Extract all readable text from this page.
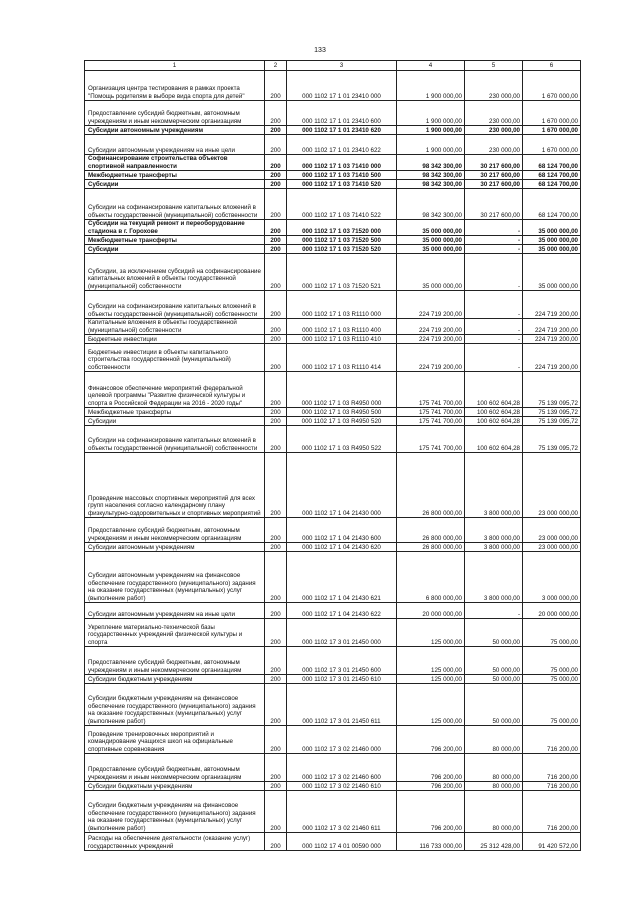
133
1	2	3	4	5	6
Организация центра тестирования в рамках проекта "Помощь родителям в выборе вида спорта для детей"	200	000 1102 17 1 01 23410 000	1 900 000,00	230 000,00	1 670 000,00
Предоставление субсидий бюджетным, автономным учреждениям и иным некоммерческим организациям	200	000 1102 17 1 01 23410 600	1 900 000,00	230 000,00	1 670 000,00
Субсидии автономным учреждениям	200	000 1102 17 1 01 23410 620	1 900 000,00	230 000,00	1 670 000,00
Субсидии автономным учреждениям на иные цели	200	000 1102 17 1 01 23410 622	1 900 000,00	230 000,00	1 670 000,00
Софинансирование строительства объектов спортивной направленности	200	000 1102 17 1 03 71410 000	98 342 300,00	30 217 600,00	68 124 700,00
Межбюджетные трансферты	200	000 1102 17 1 03 71410 500	98 342 300,00	30 217 600,00	68 124 700,00
Субсидии	200	000 1102 17 1 03 71410 520	98 342 300,00	30 217 600,00	68 124 700,00
Субсидии на софинансирование капитальных вложений в объекты государственной (муниципальной) собственности	200	000 1102 17 1 03 71410 522	98 342 300,00	30 217 600,00	68 124 700,00
Субсидии на текущий ремонт и переоборудование стадиона в г. Горохове	200	000 1102 17 1 03 71520 000	35 000 000,00	-	35 000 000,00
Межбюджетные трансферты	200	000 1102 17 1 03 71520 500	35 000 000,00	-	35 000 000,00
Субсидии	200	000 1102 17 1 03 71520 520	35 000 000,00	-	35 000 000,00
Субсидии, за исключением субсидий на софинансирование капитальных вложений в объекты государственной (муниципальной) собственности	200	000 1102 17 1 03 71520 521	35 000 000,00	-	35 000 000,00
Субсидии на софинансирование капитальных вложений в объекты государственной (муниципальной) собственности	200	000 1102 17 1 03 R1110 000	224 719 200,00	-	224 719 200,00
Капитальные вложения в объекты государственной (муниципальной) собственности	200	000 1102 17 1 03 R1110 400	224 719 200,00	-	224 719 200,00
Бюджетные инвестиции	200	000 1102 17 1 03 R1110 410	224 719 200,00	-	224 719 200,00
Бюджетные инвестиции в объекты капитального строительства государственной (муниципальной) собственности	200	000 1102 17 1 03 R1110 414	224 719 200,00	-	224 719 200,00
Финансовое обеспечение мероприятий федеральной целевой программы "Развитие физической культуры и спорта в Российской Федерации на 2016 - 2020 годы"	200	000 1102 17 1 03 R4950 000	175 741 700,00	100 602 604,28	75 139 095,72
Межбюджетные трансферты	200	000 1102 17 1 03 R4950 500	175 741 700,00	100 602 604,28	75 139 095,72
Субсидии	200	000 1102 17 1 03 R4950 520	175 741 700,00	100 602 604,28	75 139 095,72
Субсидии на софинансирование капитальных вложений в объекты государственной (муниципальной) собственности	200	000 1102 17 1 03 R4950 522	175 741 700,00	100 602 604,28	75 139 095,72
Проведение массовых спортивных мероприятий для всех групп населения согласно календарному плану физкультурно-оздоровительных и спортивных мероприятий	200	000 1102 17 1 04 21430 000	26 800 000,00	3 800 000,00	23 000 000,00
Предоставление субсидий бюджетным, автономным учреждениям и иным некоммерческим организациям	200	000 1102 17 1 04 21430 600	26 800 000,00	3 800 000,00	23 000 000,00
Субсидии автономным учреждениям	200	000 1102 17 1 04 21430 620	26 800 000,00	3 800 000,00	23 000 000,00
Субсидии автономным учреждениям на финансовое обеспечение государственного (муниципального) задания на оказание государственных (муниципальных) услуг (выполнение работ)	200	000 1102 17 1 04 21430 621	6 800 000,00	3 800 000,00	3 000 000,00
Субсидии автономным учреждениям на иные цели	200	000 1102 17 1 04 21430 622	20 000 000,00	-	20 000 000,00
Укрепление материально-технической базы государственных учреждений физической культуры и спорта	200	000 1102 17 3 01 21450 000	125 000,00	50 000,00	75 000,00
Предоставление субсидий бюджетным, автономным учреждениям и иным некоммерческим организациям	200	000 1102 17 3 01 21450 600	125 000,00	50 000,00	75 000,00
Субсидии бюджетным учреждениям	200	000 1102 17 3 01 21450 610	125 000,00	50 000,00	75 000,00
Субсидии бюджетным учреждениям на финансовое обеспечение государственного (муниципального) задания на оказание государственных (муниципальных) услуг (выполнение работ)	200	000 1102 17 3 01 21450 611	125 000,00	50 000,00	75 000,00
Проведение тренировочных мероприятий и командирование учащихся школ на официальные спортивные соревнования	200	000 1102 17 3 02 21460 000	796 200,00	80 000,00	716 200,00
Предоставление субсидий бюджетным, автономным учреждениям и иным некоммерческим организациям	200	000 1102 17 3 02 21460 600	796 200,00	80 000,00	716 200,00
Субсидии бюджетным учреждениям	200	000 1102 17 3 02 21460 610	796 200,00	80 000,00	716 200,00
Субсидии бюджетным учреждениям на финансовое обеспечение государственного (муниципального) задания на оказание государственных (муниципальных) услуг (выполнение работ)	200	000 1102 17 3 02 21460 611	796 200,00	80 000,00	716 200,00
Расходы на обеспечение деятельности (оказание услуг) государственных учреждений	200	000 1102 17 4 01 00590 000	116 733 000,00	25 312 428,00	91 420 572,00
